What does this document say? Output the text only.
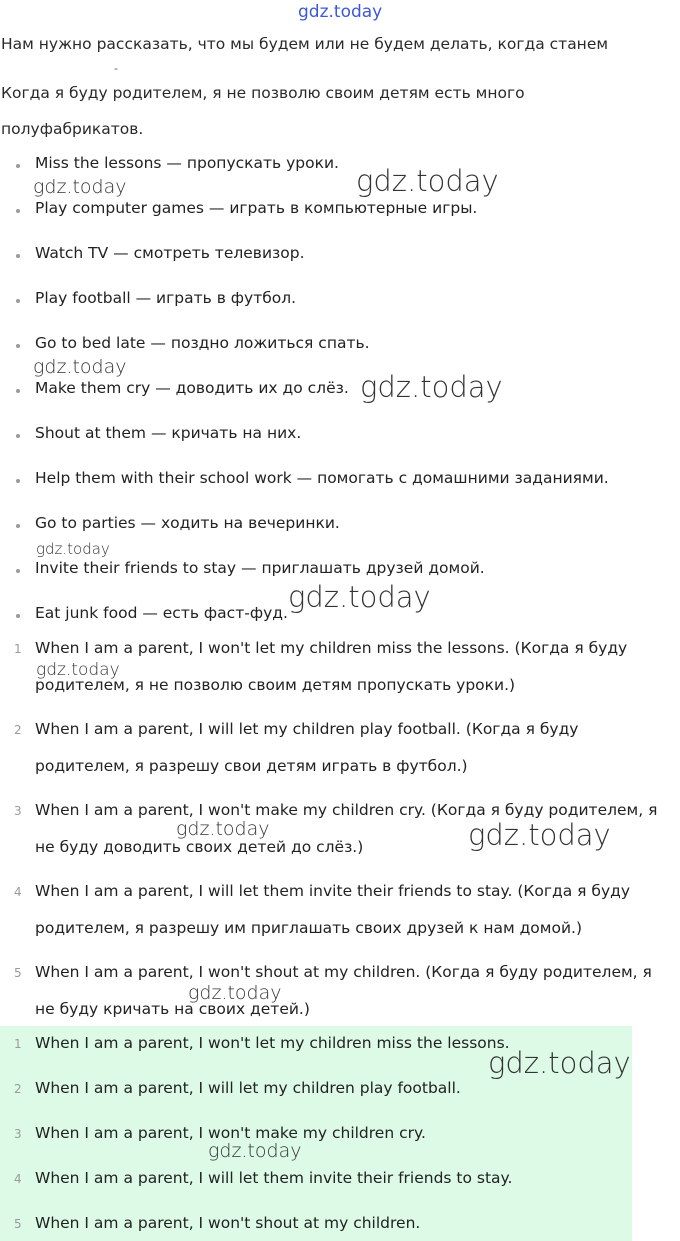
gdz.today
Нам нужно рассказать, что мы будем или не будем делать, когда станем
-
Когда я буду родителем, я не позволю своим детям есть много
полуфабрикатов.
Miss the lessons — пропускать уроки.
Play computer games — играть в компьютерные игры.
Watch TV — смотреть телевизор.
Play football — играть в футбол.
Go to bed late — поздно ложиться спать.
Make them cry — доводить их до слёз.
Shout at them — кричать на них.
Help them with their school work — помогать с домашними заданиями.
Go to parties — ходить на вечеринки.
Invite their friends to stay — приглашать друзей домой.
Eat junk food — есть фаст-фуд.
1 When I am a parent, I won't let my children miss the lessons. (Когда я буду
родителем, я не позволю своим детям пропускать уроки.)
2 When I am a parent, I will let my children play football. (Когда я буду
родителем, я разрешу свои детям играть в футбол.)
3 When I am a parent, I won't make my children cry. (Когда я буду родителем, я
не буду доводить своих детей до слёз.)
4 When I am a parent, I will let them invite their friends to stay. (Когда я буду
родителем, я разрешу им приглашать своих друзей к нам домой.)
5 When I am a parent, I won't shout at my children. (Когда я буду родителем, я
не буду кричать на своих детей.)
1 When I am a parent, I won't let my children miss the lessons.
2 When I am a parent, I will let my children play football.
3 When I am a parent, I won't make my children cry.
4 When I am a parent, I will let them invite their friends to stay.
5 When I am a parent, I won't shout at my children.
gdz.today	gdz.today
gdz.today
gdz.today
gdz.today
gdz.today
gdz.today
gdz.today	gdz.today
gdz.today
gdz.today
gdz.today
